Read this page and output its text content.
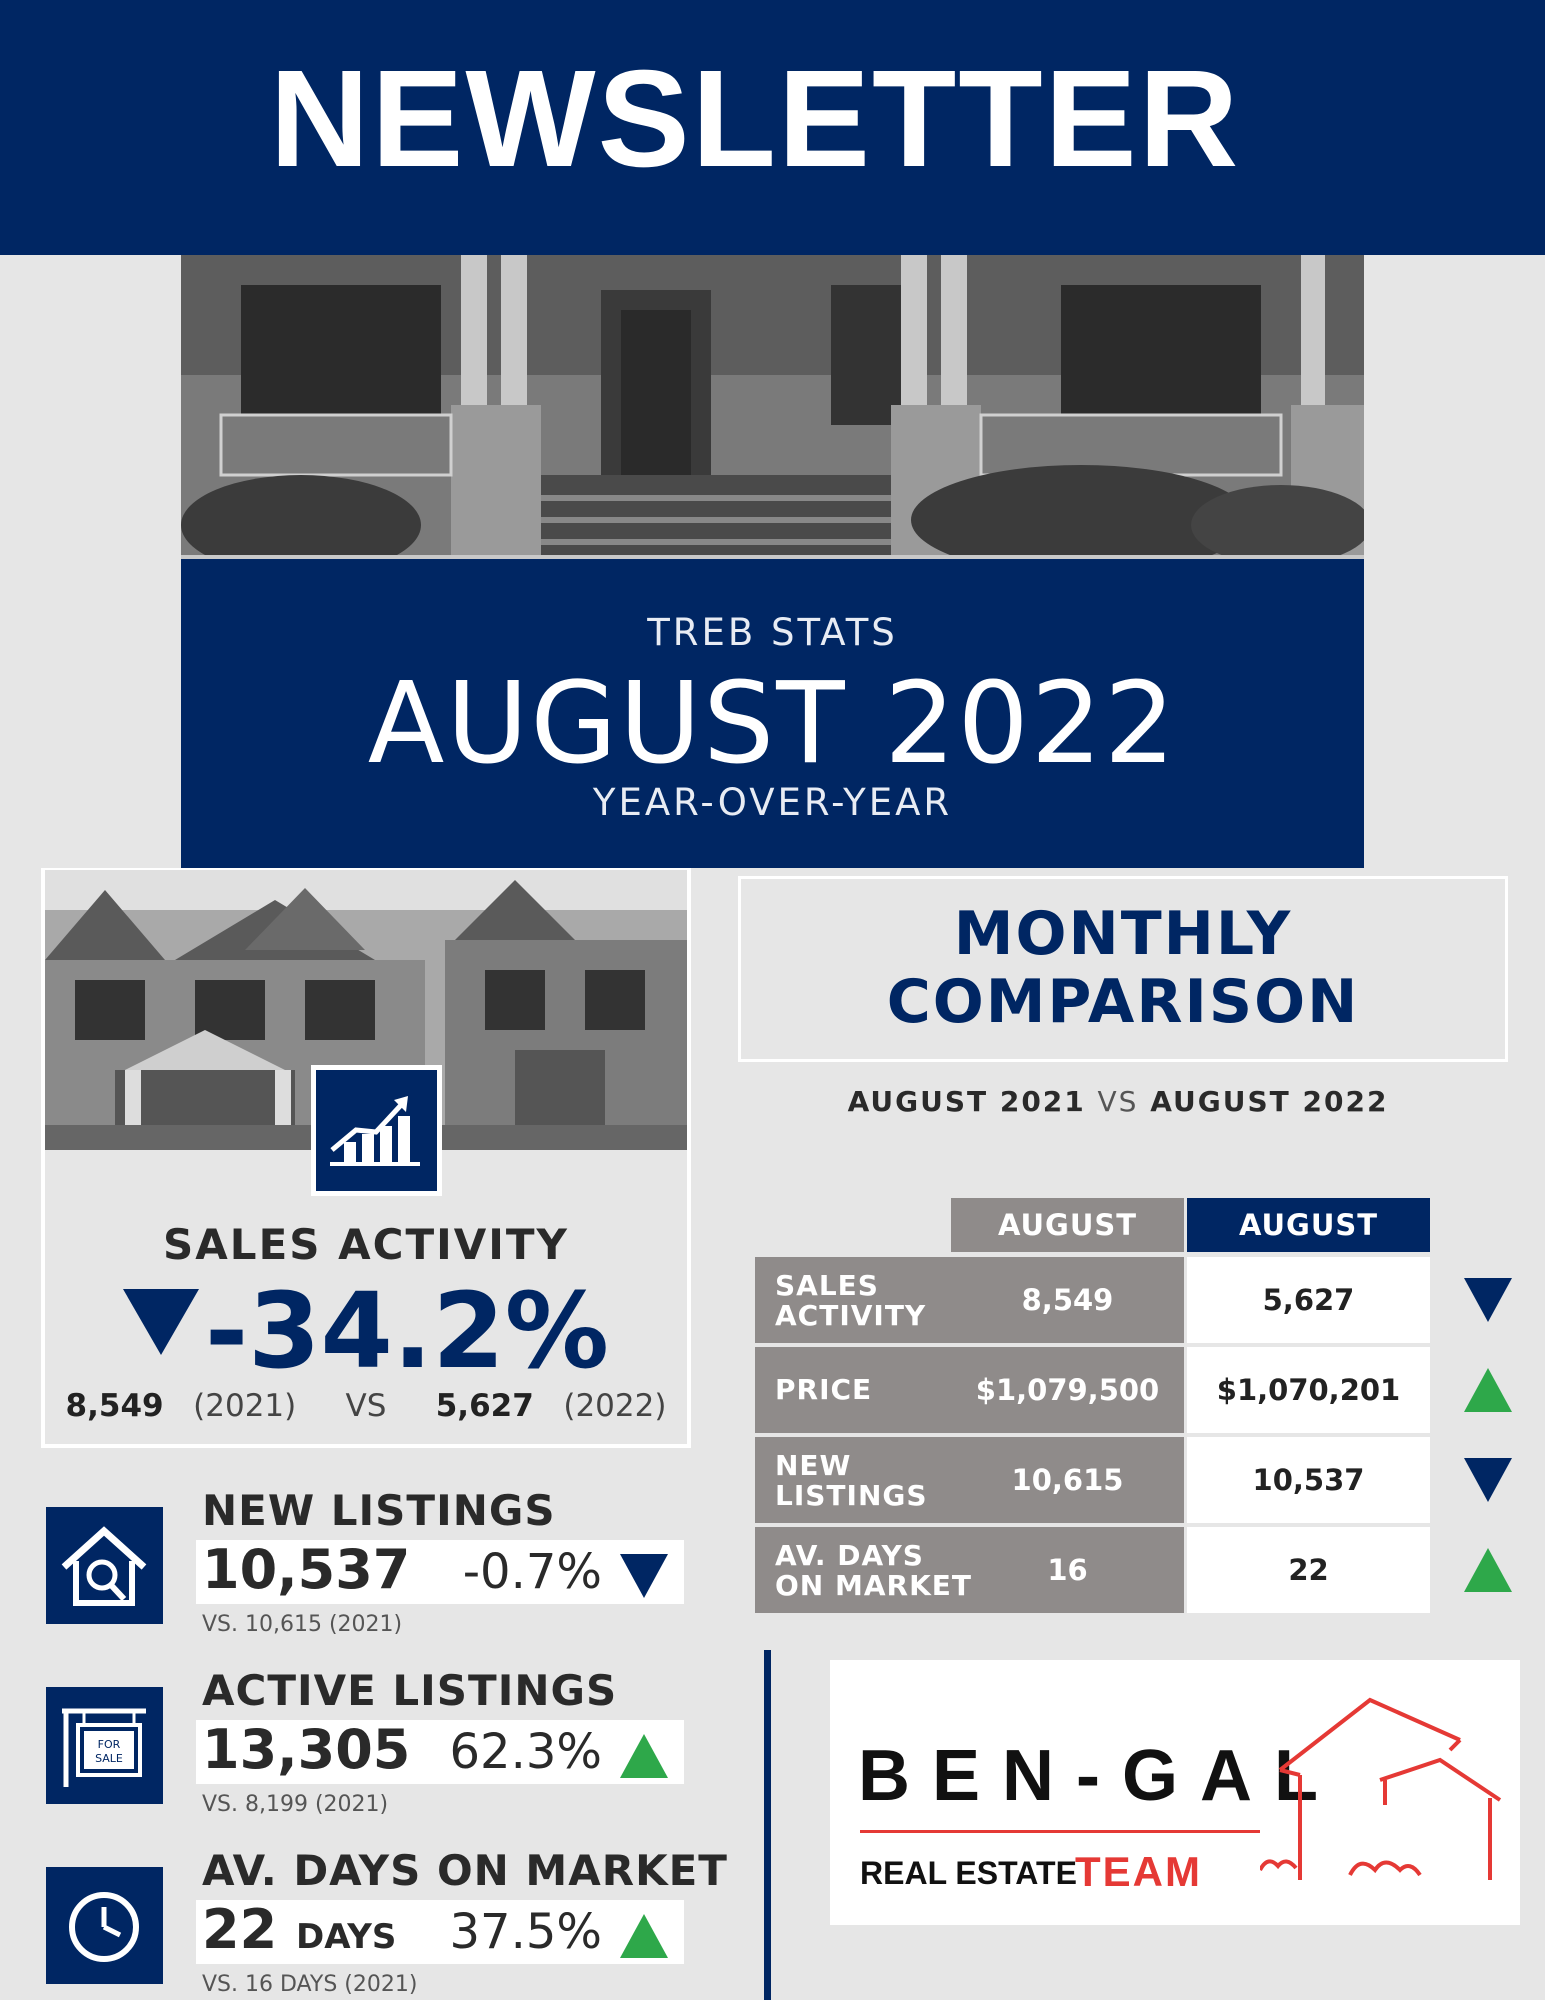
NEWSLETTER
TREB STATS
AUGUST 2022
YEAR-OVER-YEAR
SALES ACTIVITY
-34.2%
8,549 (2021) VS 5,627 (2022)
NEW LISTINGS
10,537 -0.7%
VS. 10,615 (2021)
FOR
SALE
ACTIVE LISTINGS
13,305 62.3%
VS. 8,199 (2021)
AV. DAYS ON MARKET
22 DAYS 37.5%
VS. 16 DAYS (2021)
MONTHLY
COMPARISON
AUGUST 2021 VS AUGUST 2022
AUGUST	AUGUST
SALES ACTIVITY	8,549	5,627
PRICE	$1,079,500	$1,070,201
NEW LISTINGS	10,615	10,537
AV. DAYS ON MARKET	16	22
BEN-GAL
REAL ESTATE
TEAM
